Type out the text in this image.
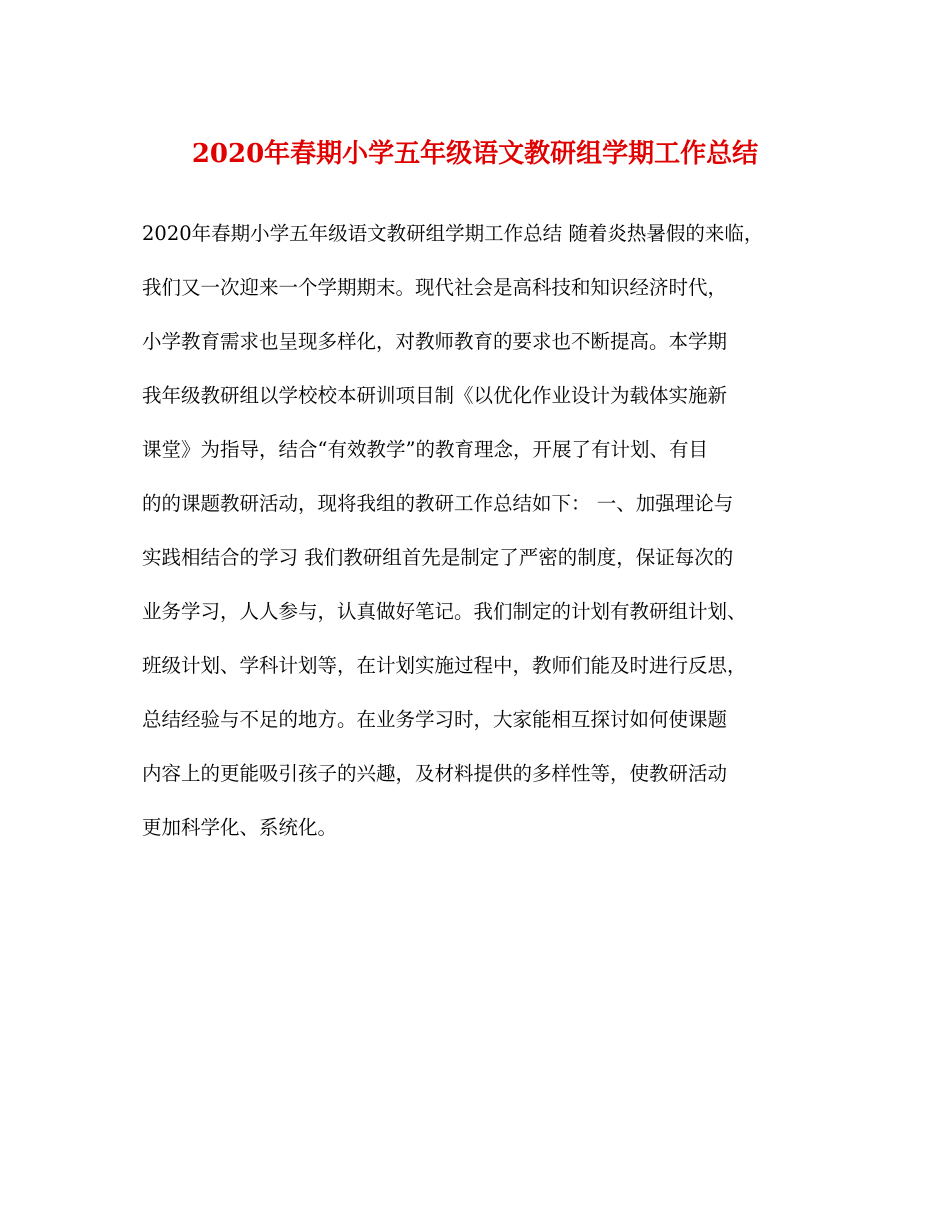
2020年春期小学五年级语文教研组学期工作总结
2020年春期小学五年级语文教研组学期工作总结 随着炎热暑假的来临，
我们又一次迎来一个学期期末。现代社会是高科技和知识经济时代，
小学教育需求也呈现多样化，对教师教育的要求也不断提高。本学期
我年级教研组以学校校本研训项目制《以优化作业设计为载体实施新
课堂》为指导，结合“有效教学”的教育理念，开展了有计划、有目
的的课题教研活动，现将我组的教研工作总结如下： 一、加强理论与
实践相结合的学习 我们教研组首先是制定了严密的制度，保证每次的
业务学习，人人参与，认真做好笔记。我们制定的计划有教研组计划、
班级计划、学科计划等，在计划实施过程中，教师们能及时进行反思，
总结经验与不足的地方。在业务学习时，大家能相互探讨如何使课题
内容上的更能吸引孩子的兴趣，及材料提供的多样性等，使教研活动
更加科学化、系统化。
